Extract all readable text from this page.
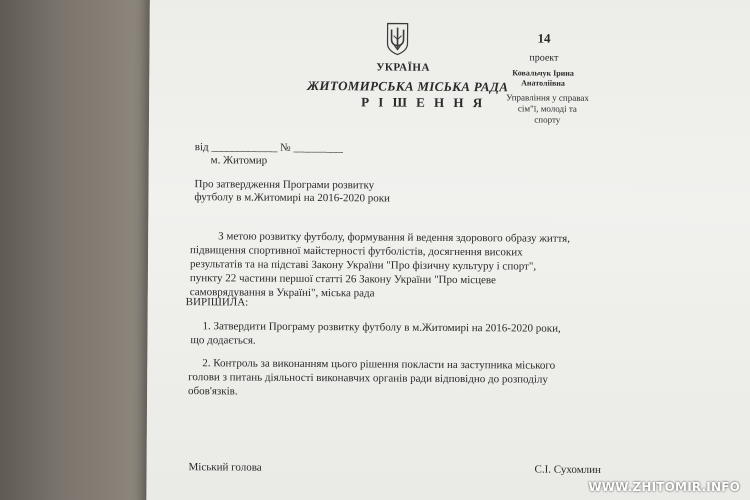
УКРАЇНА
ЖИТОМИРСЬКА МІСЬКА РАДА
Р І Ш Е Н Н Я
14
проект
Ковальчук Ірина
Анатоліївна
Управління у справах
сім"ї, молоді та
спорту
від ____________ № _________
м. Житомир
Про затвердження Програми розвитку
футболу в м.Житомирі на 2016-2020 роки
З метою розвитку футболу, формування й ведення здорового образу життя,
підвищення спортивної майстерності футболістів, досягнення високих
результатів та на підставі Закону України "Про фізичну культуру і спорт",
пункту 22 частини першої статті 26 Закону України "Про місцеве
самоврядування в Україні", міська рада
ВИРІШИЛА:
1. Затвердити Програму розвитку футболу в м.Житомирі на 2016-2020 роки,
що додається.
2. Контроль за виконанням цього рішення покласти на заступника міського
голови з питань діяльності виконавчих органів ради відповідно до розподілу
обов'язків.
Міський голова	С.І. Сухомлин
WWW.ZHITOMIR.INFO
